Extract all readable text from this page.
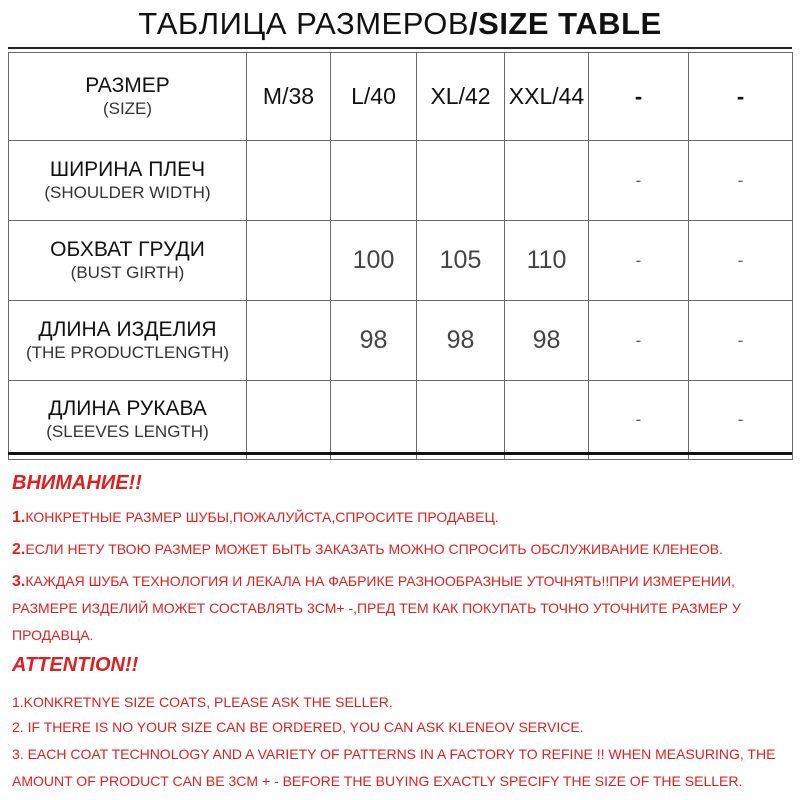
ТАБЛИЦА РАЗМЕРОВ/SIZE TABLE
РАЗМЕР
(SIZE)	M/38	L/40	XL/42	XXL/44	-	-

ШИРИНА ПЛЕЧ
(SHOULDER WIDTH)					-	-

ОБХВАТ ГРУДИ
(BUST GIRTH)		100	105	110	-	-

ДЛИНА ИЗДЕЛИЯ
(THE PRODUCTLENGTH)		98	98	98	-	-

ДЛИНА РУКАВА
(SLEEVES LENGTH)					-	-
ВНИМАНИЕ!!
1.КОНКРЕТНЫЕ РАЗМЕР ШУБЫ,ПОЖАЛУЙСТА,СПРОСИТЕ ПРОДАВЕЦ.
2.ЕСЛИ НЕТУ ТВОЮ РАЗМЕР МОЖЕТ БЫТЬ ЗАКАЗАТЬ МОЖНО СПРОСИТЬ ОБСЛУЖИВАНИЕ КЛЕНЕОВ.
3.КАЖДАЯ ШУБА ТЕХНОЛОГИЯ И ЛЕКАЛА НА ФАБРИКЕ РАЗНООБРАЗНЫЕ УТОЧНЯТЬ!!ПРИ ИЗМЕРЕНИИ, РАЗМЕРЕ ИЗДЕЛИЙ МОЖЕТ СОСТАВЛЯТЬ 3СМ+ -,ПРЕД ТЕМ КАК ПОКУПАТЬ ТОЧНО УТОЧНИТЕ РАЗМЕР У ПРОДАВЦА.
ATTENTION!!
1.KONKRETNYE SIZE COATS, PLEASE ASK THE SELLER.
2. IF THERE IS NO YOUR SIZE CAN BE ORDERED, YOU CAN ASK KLENEOV SERVICE.
3. EACH COAT TECHNOLOGY AND A VARIETY OF PATTERNS IN A FACTORY TO REFINE !! WHEN MEASURING, THE AMOUNT OF PRODUCT CAN BE 3CM + - BEFORE THE BUYING EXACTLY SPECIFY THE SIZE OF THE SELLER.
